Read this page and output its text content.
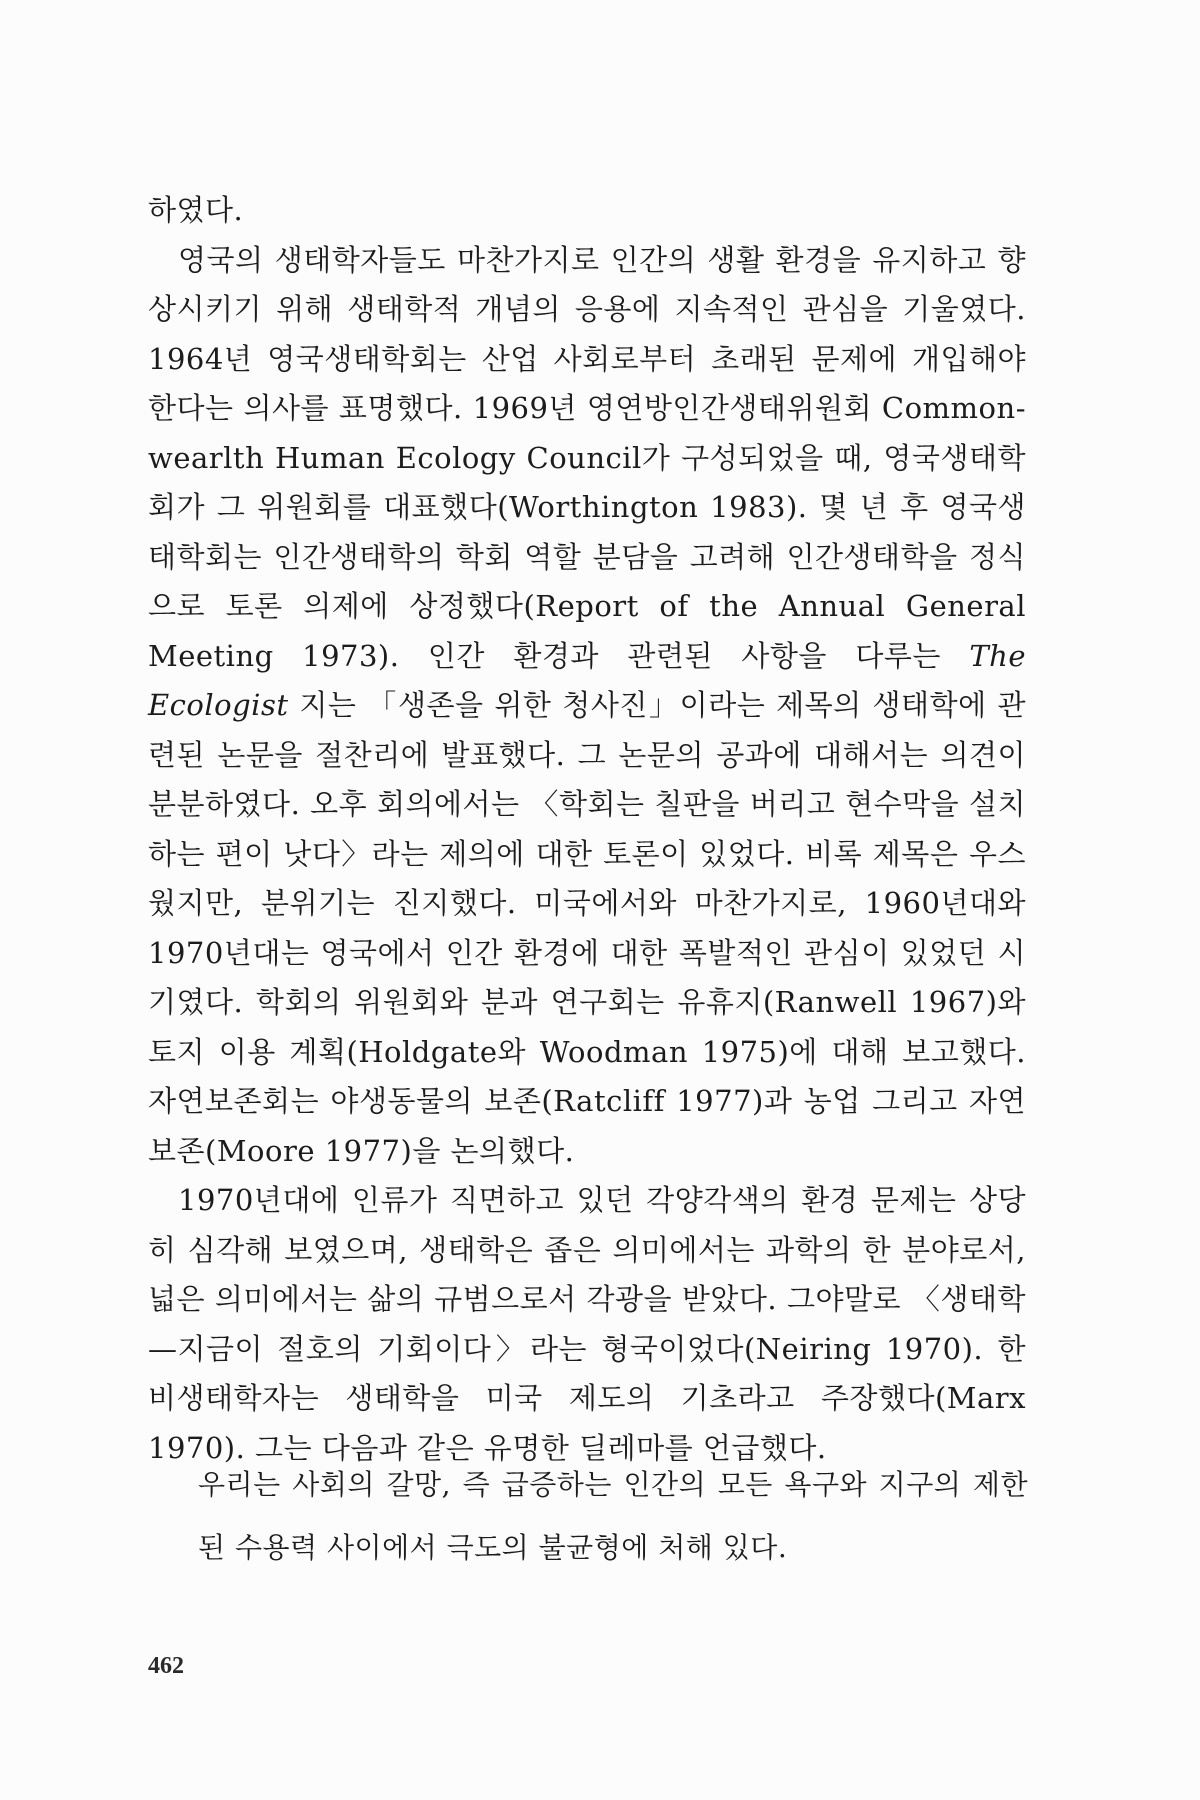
하였다.

영국의 생태학자들도 마찬가지로 인간의 생활 환경을 유지하고 향상시키기 위해 생태학적 개념의 응용에 지속적인 관심을 기울였다. 1964년 영국생태학회는 산업 사회로부터 초래된 문제에 개입해야 한다는 의사를 표명했다. 1969년 영연방인간생태위원회 Common-wearlth Human Ecology Council가 구성되었을 때, 영국생태학회가 그 위원회를 대표했다(Worthington 1983). 몇 년 후 영국생태학회는 인간생태학의 학회 역할 분담을 고려해 인간생태학을 정식으로 토론 의제에 상정했다(Report of the Annual General Meeting 1973). 인간 환경과 관련된 사항을 다루는 The Ecologist 지는 「생존을 위한 청사진」이라는 제목의 생태학에 관련된 논문을 절찬리에 발표했다. 그 논문의 공과에 대해서는 의견이 분분하였다. 오후 회의에서는 〈학회는 칠판을 버리고 현수막을 설치하는 편이 낫다〉라는 제의에 대한 토론이 있었다. 비록 제목은 우스웠지만, 분위기는 진지했다. 미국에서와 마찬가지로, 1960년대와 1970년대는 영국에서 인간 환경에 대한 폭발적인 관심이 있었던 시기였다. 학회의 위원회와 분과 연구회는 유휴지(Ranwell 1967)와 토지 이용 계획(Holdgate와 Woodman 1975)에 대해 보고했다. 자연보존회는 야생동물의 보존(Ratcliff 1977)과 농업 그리고 자연 보존(Moore 1977)을 논의했다.

1970년대에 인류가 직면하고 있던 각양각색의 환경 문제는 상당히 심각해 보였으며, 생태학은 좁은 의미에서는 과학의 한 분야로서, 넓은 의미에서는 삶의 규범으로서 각광을 받았다. 그야말로 〈생태학—지금이 절호의 기회이다〉라는 형국이었다(Neiring 1970). 한 비생태학자는 생태학을 미국 제도의 기초라고 주장했다(Marx 1970). 그는 다음과 같은 유명한 딜레마를 언급했다.

우리는 사회의 갈망, 즉 급증하는 인간의 모든 욕구와 지구의 제한된 수용력 사이에서 극도의 불균형에 처해 있다.

462
